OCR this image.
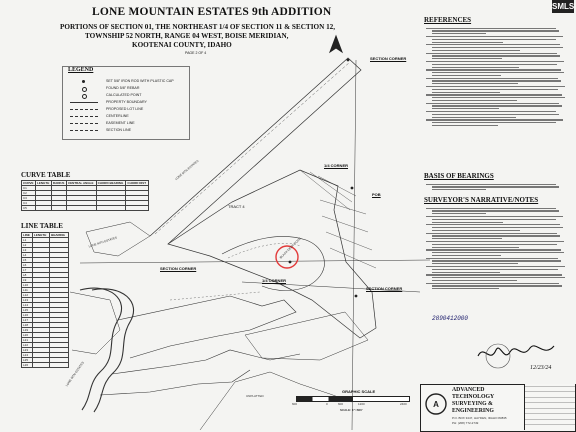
SMLS
LONE MOUNTAIN ESTATES 9th ADDITION
PORTIONS OF SECTION 01, THE NORTHEAST 1/4 OF SECTION 11 & SECTION 12,
TOWNSHIP 52 NORTH, RANGE 04 WEST, BOISE MERIDIAN,
KOOTENAI COUNTY, IDAHO
PAGE 2 OF 4
LEGEND
SET 5/8" IRON ROD WITH PLASTIC CAP
FOUND 5/8" REBAR
CALCULATED POINT
PROPERTY BOUNDARY
PROPOSED LOT LINE
CENTERLINE
EASEMENT LINE
SECTION LINE
CURVE TABLE
CURVE	LENGTH	RADIUS	CENTRAL ANGLE	CHORD BEARING	CHORD DIST
C1					
C2					
C3					
C4					
C5					
LINE TABLE
LINE	LENGTH	BEARING
L1		
L2		
L3		
L4		
L5		
L6		
L7		
L8		
L9		
L10		
L11		
L12		
L13		
L14		
L15		
L16		
L17		
L18		
L19		
L20		
L21		
L22		
L23		
L24		
L25		
L26		
SECTION CORNER
SECTION CORNER
SECTION CORNER
1/4 CORNER
1/4 CORNER
TRACT 4
POB
LONE MTN ESTATES
LONE MTN ESTATES
LONE MTN ESTATES
UNPLATTED
BLACK DEER ROAD
REFERENCES
BASIS OF BEARINGS
SURVEYOR'S NARRATIVE/NOTES
2890412000
12/23/24
GRAPHIC SCALE
600	0	600	1200	2400
SCALE: 1"=600'
A
ADVANCED
TECHNOLOGY
SURVEYING &
ENGINEERING
P.O. BOX 3447, HAYDEN, IDAHO 83835
PH: (208) 772-2749
